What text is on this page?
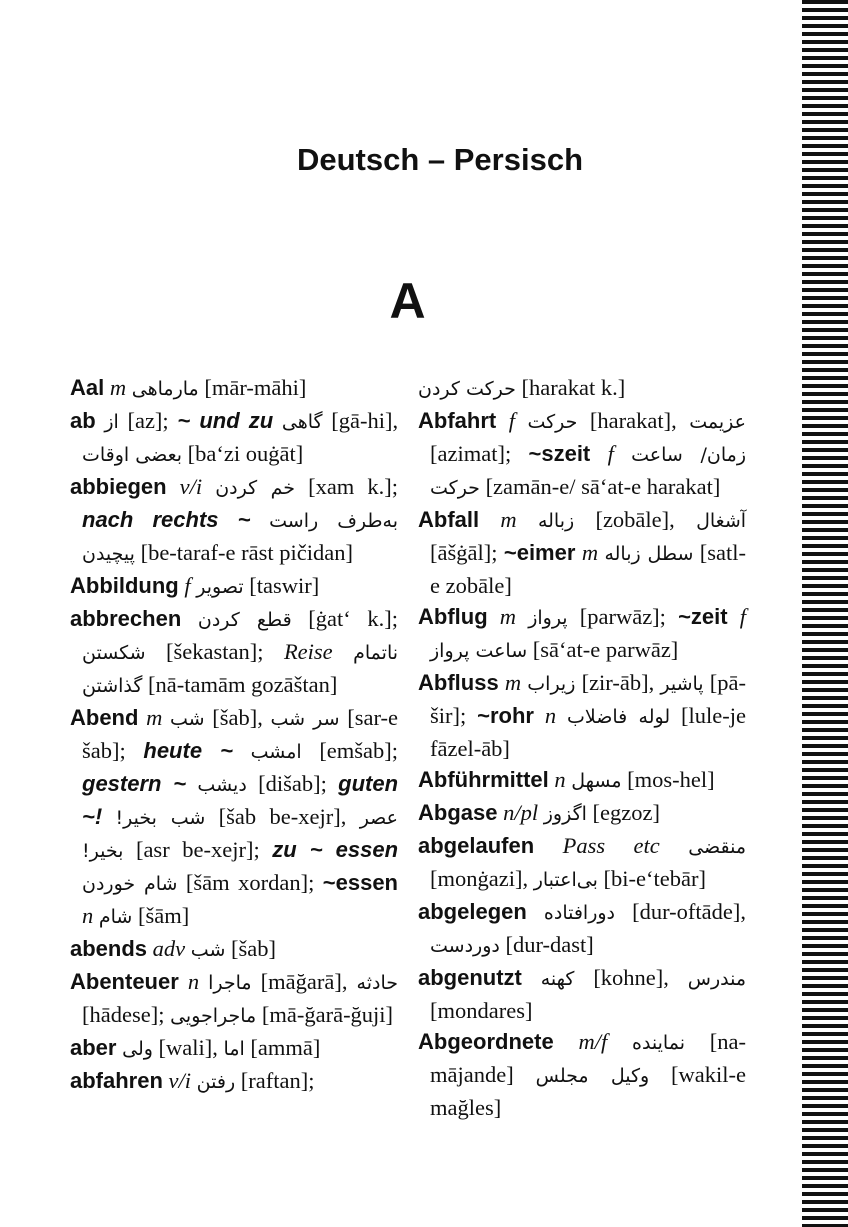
Deutsch – Persisch
A
Aal m مارماهی [mār-māhi]
ab از [az]; ~ und zu گاهی [gā-hi], بعضی اوقات [ba‘zi ouġāt]
abbiegen v/i خم کردن [xam k.]; nach rechts ~ به‌طرف راست پیچیدن [be-taraf-e rāst pičidan]
Abbildung f تصویر [taswir]
abbrechen قطع کردن [ġat‘ k.]; شکستن [šekastan]; Reise ناتمام گذاشتن [nā-tamām gozāštan]
Abend m شب [šab], سر شب [sar-e šab]; heute ~ امشب [emšab]; gestern ~ دیشب [dišab]; guten ~! شب بخیر! [šab be-xejr], عصر بخیر! [asr be-xejr]; zu ~ essen شام خوردن [šām xordan]; ~essen n شام [šām]
abends adv شب [šab]
Abenteuer n ماجرا [māğarā], حادثه [hādese]; ماجراجویی [mā-ğarā-ğuji]
aber ولی [wali], اما [ammā]
abfahren v/i رفتن [raftan];
حرکت کردن [harakat k.]
Abfahrt f حرکت [harakat], عزیمت [azimat]; ~szeit f زمان/ ساعت حرکت [zamān-e/ sā‘at-e harakat]
Abfall m زباله [zobāle], آشغال [āšġāl]; ~eimer m سطل زباله [satl-e zobāle]
Abflug m پرواز [parwāz]; ~zeit f ساعت پرواز [sā‘at-e parwāz]
Abfluss m زیراب [zir-āb], پاشیر [pā-šir]; ~rohr n لوله فاضلاب [lule-je fāzel-āb]
Abführmittel n مسهل [mos-hel]
Abgase n/pl اگزوز [egzoz]
abgelaufen Pass etc منقضی [monġazi], بی‌اعتبار [bi-e‘tebār]
abgelegen دورافتاده [dur-oftāde], دوردست [dur-dast]
abgenutzt کهنه [kohne], مندرس [mondares]
Abgeordnete m/f نماینده [na-mājande] وکیل مجلس [wakil-e mağles]
